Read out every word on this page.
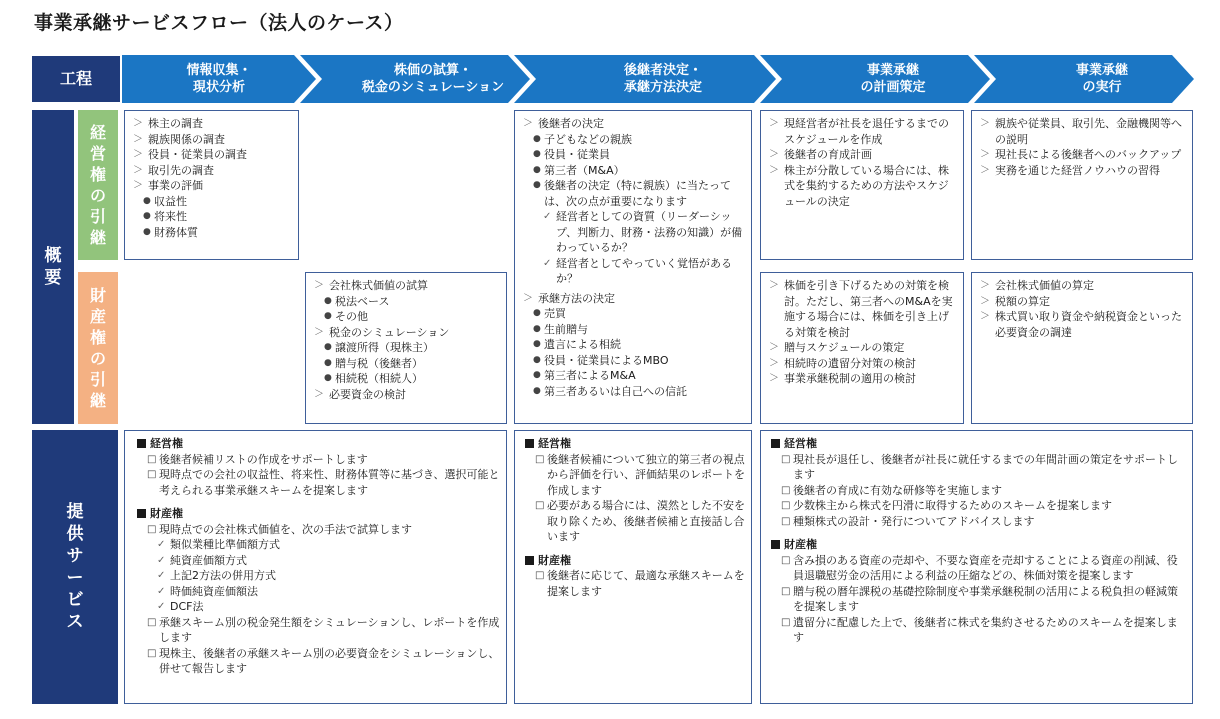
事業承継サービスフロー（法人のケース）
工程	情報収集・
現状分析
株価の試算・
税金のシミュレーション
後継者決定・
承継方法決定
事業承継
の計画策定
事業承継
の実行
概要
経営権の引継
財産権の引継
提供サービス
＞ 株主の調査
＞ 親族関係の調査
＞ 役員・従業員の調査
＞ 取引先の調査
＞ 事業の評価
● 収益性
● 将来性
● 財務体質
＞ 後継者の決定
● 子どもなどの親族
● 役員・従業員
● 第三者（M&A）
● 後継者の決定（特に親族）に当たっては、次の点が重要になります
✓ 経営者としての資質（リーダーシップ、判断力、財務・法務の知識）が備わっているか？
✓ 経営者としてやっていく覚悟があるか？
＞ 承継方法の決定
● 売買
● 生前贈与
● 遺言による相続
● 役員・従業員によるMBO
● 第三者によるM&A
● 第三者あるいは自己への信託
＞ 現経営者が社長を退任するまでのスケジュールを作成
＞ 後継者の育成計画
＞ 株主が分散している場合には、株式を集約するための方法やスケジュールの決定
＞ 親族や従業員、取引先、金融機関等への説明
＞ 現社長による後継者へのバックアップ
＞ 実務を通じた経営ノウハウの習得
＞ 会社株式価値の試算
● 税法ベース
● その他
＞ 税金のシミュレーション
● 譲渡所得（現株主）
● 贈与税（後継者）
● 相続税（相続人）
＞ 必要資金の検討
＞ 株価を引き下げるための対策を検討。ただし、第三者へのM&Aを実施する場合には、株価を引き上げる対策を検討
＞ 贈与スケジュールの策定
＞ 相続時の遺留分対策の検討
＞ 事業承継税制の適用の検討
＞ 会社株式価値の算定
＞ 税額の算定
＞ 株式買い取り資金や納税資金といった必要資金の調達
経営権
□ 後継者候補リストの作成をサポートします
□ 現時点での会社の収益性、将来性、財務体質等に基づき、選択可能と考えられる事業承継スキームを提案します
財産権
□ 現時点での会社株式価値を、次の手法で試算します
✓ 類似業種比準価額方式
✓ 純資産価額方式
✓ 上記2方法の併用方式
✓ 時価純資産価額法
✓ DCF法
□ 承継スキーム別の税金発生額をシミュレーションし、レポートを作成します
□ 現株主、後継者の承継スキーム別の必要資金をシミュレーションし、併せて報告します
経営権
□ 後継者候補について独立的第三者の視点から評価を行い、評価結果のレポートを作成します
□ 必要がある場合には、漠然とした不安を取り除くため、後継者候補と直接話し合います
財産権
□ 後継者に応じて、最適な承継スキームを提案します
経営権
□ 現社長が退任し、後継者が社長に就任するまでの年間計画の策定をサポートします
□ 後継者の育成に有効な研修等を実施します
□ 少数株主から株式を円滑に取得するためのスキームを提案します
□ 種類株式の設計・発行についてアドバイスします
財産権
□ 含み損のある資産の売却や、不要な資産を売却することによる資産の削減、役員退職慰労金の活用による利益の圧縮などの、株価対策を提案します
□ 贈与税の暦年課税の基礎控除制度や事業承継税制の活用による税負担の軽減策を提案します
□ 遺留分に配慮した上で、後継者に株式を集約させるためのスキームを提案します
